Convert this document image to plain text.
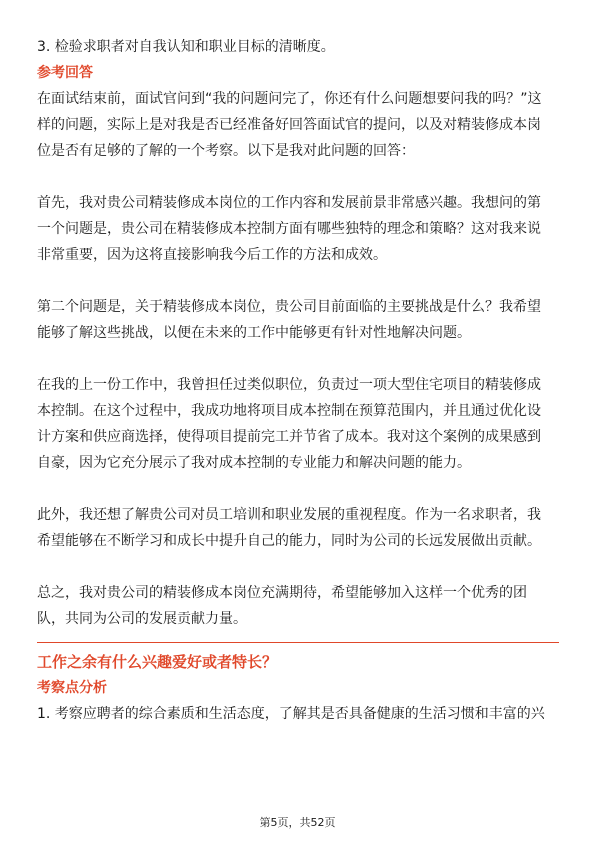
3. 检验求职者对自我认知和职业目标的清晰度。

参考回答

在面试结束前，面试官问到“我的问题问完了，你还有什么问题想要问我的吗？”这

样的问题，实际上是对我是否已经准备好回答面试官的提问，以及对精装修成本岗

位是否有足够的了解的一个考察。以下是我对此问题的回答：

首先，我对贵公司精装修成本岗位的工作内容和发展前景非常感兴趣。我想问的第

一个问题是，贵公司在精装修成本控制方面有哪些独特的理念和策略？这对我来说

非常重要，因为这将直接影响我今后工作的方法和成效。

第二个问题是，关于精装修成本岗位，贵公司目前面临的主要挑战是什么？我希望

能够了解这些挑战，以便在未来的工作中能够更有针对性地解决问题。

在我的上一份工作中，我曾担任过类似职位，负责过一项大型住宅项目的精装修成

本控制。在这个过程中，我成功地将项目成本控制在预算范围内，并且通过优化设

计方案和供应商选择，使得项目提前完工并节省了成本。我对这个案例的成果感到

自豪，因为它充分展示了我对成本控制的专业能力和解决问题的能力。

此外，我还想了解贵公司对员工培训和职业发展的重视程度。作为一名求职者，我

希望能够在不断学习和成长中提升自己的能力，同时为公司的长远发展做出贡献。

总之，我对贵公司的精装修成本岗位充满期待，希望能够加入这样一个优秀的团

队，共同为公司的发展贡献力量。

工作之余有什么兴趣爱好或者特长？

考察点分析

1. 考察应聘者的综合素质和生活态度，了解其是否具备健康的生活习惯和丰富的兴

第5页，共52页
